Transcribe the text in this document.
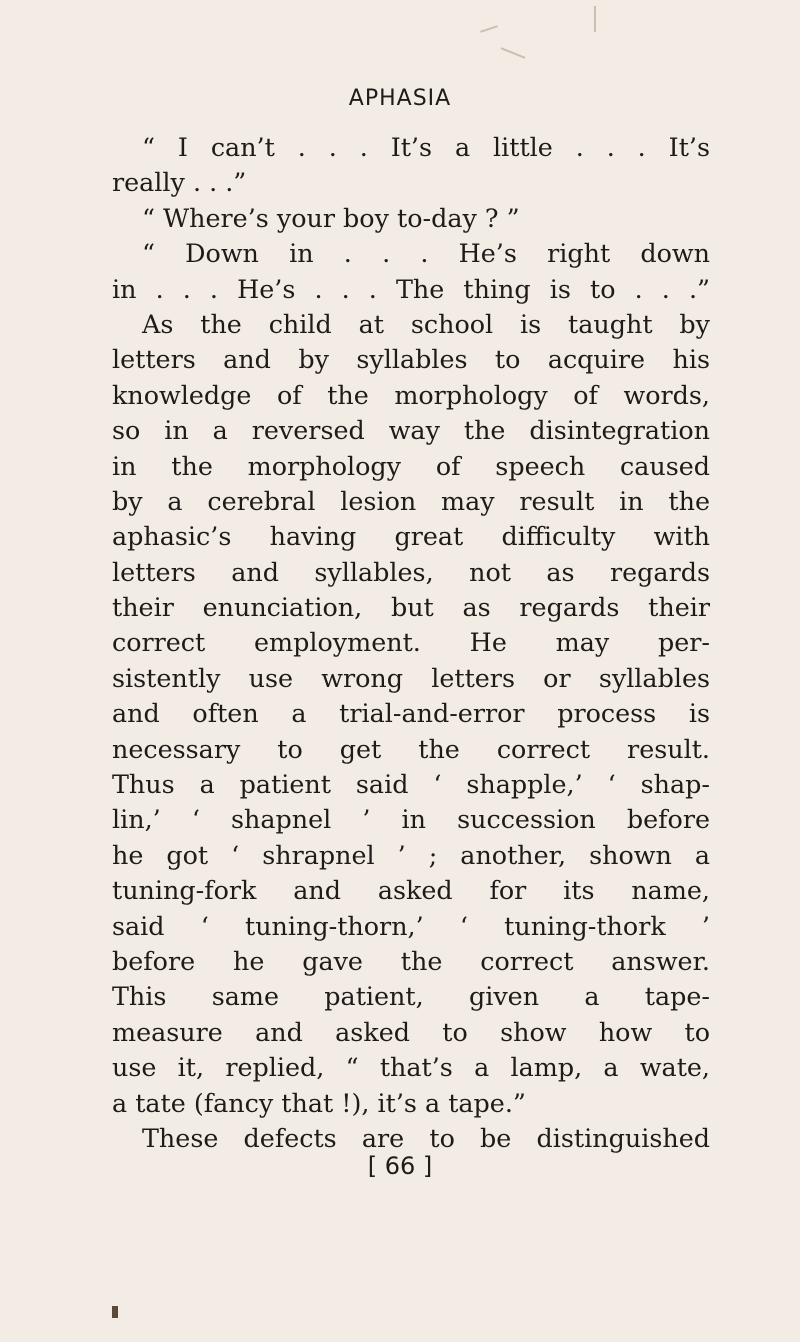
APHASIA
“ I can’t . . . It’s a little . . . It’s
really . . .”
“ Where’s your boy to-day ? ”
“ Down in . . . He’s right down
in . . . He’s . . . The thing is to . . .”
As the child at school is taught by
letters and by syllables to acquire his
knowledge of the morphology of words,
so in a reversed way the disintegration
in the morphology of speech caused
by a cerebral lesion may result in the
aphasic’s having great difficulty with
letters and syllables, not as regards
their enunciation, but as regards their
correct employment. He may per-
sistently use wrong letters or syllables
and often a trial-and-error process is
necessary to get the correct result.
Thus a patient said ‘ shapple,’ ‘ shap-
lin,’ ‘ shapnel ’ in succession before
he got ‘ shrapnel ’ ; another, shown a
tuning-fork and asked for its name,
said ‘ tuning-thorn,’ ‘ tuning-thork ’
before he gave the correct answer.
This same patient, given a tape-
measure and asked to show how to
use it, replied, “ that’s a lamp, a wate,
a tate (fancy that !), it’s a tape.”
These defects are to be distinguished
[ 66 ]
